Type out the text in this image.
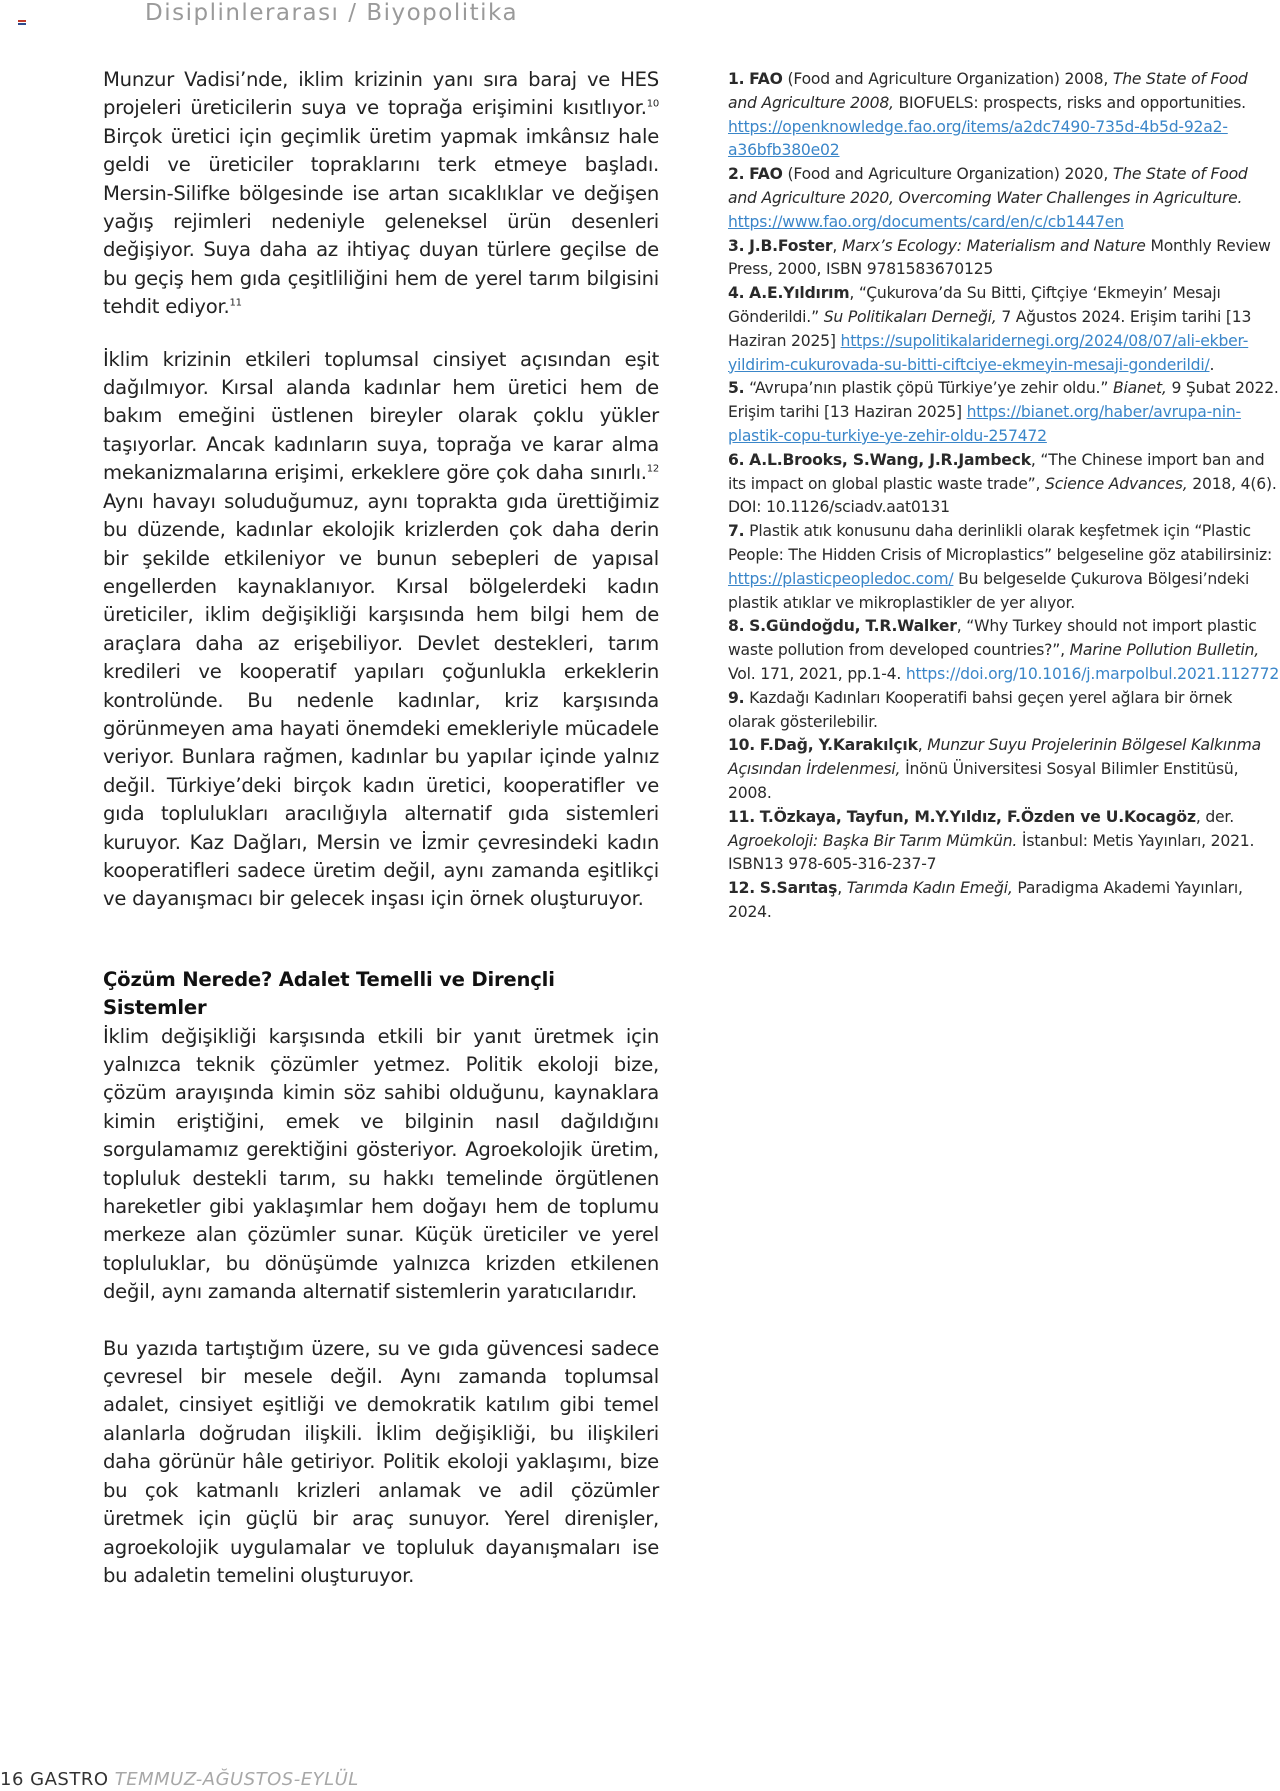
Disiplinlerarası / Biyopolitika

Munzur Vadisi’nde, iklim krizinin yanı sıra baraj ve HES projeleri üreticilerin suya ve toprağa erişimini kısıtlıyor.$^{10}$ Birçok üretici için geçimlik üretim yapmak imkânsız hale geldi ve üreticiler topraklarını terk etmeye başladı. Mersin-Silifke bölgesinde ise artan sıcaklıklar ve değişen yağış rejimleri nedeniyle geleneksel ürün desenleri değişiyor. Suya daha az ihtiyaç duyan türlere geçilse de bu geçiş hem gıda çeşitliliğini hem de yerel tarım bilgisini tehdit ediyor.$^{11}$

İklim krizinin etkileri toplumsal cinsiyet açısından eşit dağılmıyor. Kırsal alanda kadınlar hem üretici hem de bakım emeğini üstlenen bireyler olarak çoklu yükler taşıyorlar. Ancak kadınların suya, toprağa ve karar alma mekanizmalarına erişimi, erkeklere göre çok daha sınırlı.$^{12}$ Aynı havayı soluduğumuz, aynı toprakta gıda ürettiğimiz bu düzende, kadınlar ekolojik krizlerden çok daha derin bir şekilde etkileniyor ve bunun sebepleri de yapısal engellerden kaynaklanıyor. Kırsal bölgelerdeki kadın üreticiler, iklim değişikliği karşısında hem bilgi hem de araçlara daha az erişebiliyor. Devlet destekleri, tarım kredileri ve kooperatif yapıları çoğunlukla erkeklerin kontrolünde. Bu nedenle kadınlar, kriz karşısında görünmeyen ama hayati önemdeki emekleriyle mücadele veriyor. Bunlara rağmen, kadınlar bu yapılar içinde yalnız değil. Türkiye’deki birçok kadın üretici, kooperatifler ve gıda toplulukları aracılığıyla alternatif gıda sistemleri kuruyor. Kaz Dağları, Mersin ve İzmir çevresindeki kadın kooperatifleri sadece üretim değil, aynı zamanda eşitlikçi ve dayanışmacı bir gelecek inşası için örnek oluşturuyor.

Çözüm Nerede? Adalet Temelli ve Dirençli Sistemler

İklim değişikliği karşısında etkili bir yanıt üretmek için yalnızca teknik çözümler yetmez. Politik ekoloji bize, çözüm arayışında kimin söz sahibi olduğunu, kaynaklara kimin eriştiğini, emek ve bilginin nasıl dağıldığını sorgulamamız gerektiğini gösteriyor. Agroekolojik üretim, topluluk destekli tarım, su hakkı temelinde örgütlenen hareketler gibi yaklaşımlar hem doğayı hem de toplumu merkeze alan çözümler sunar. Küçük üreticiler ve yerel topluluklar, bu dönüşümde yalnızca krizden etkilenen değil, aynı zamanda alternatif sistemlerin yaratıcılarıdır.

Bu yazıda tartıştığım üzere, su ve gıda güvencesi sadece çevresel bir mesele değil. Aynı zamanda toplumsal adalet, cinsiyet eşitliği ve demokratik katılım gibi temel alanlarla doğrudan ilişkili. İklim değişikliği, bu ilişkileri daha görünür hâle getiriyor. Politik ekoloji yaklaşımı, bize bu çok katmanlı krizleri anlamak ve adil çözümler üretmek için güçlü bir araç sunuyor. Yerel direnişler, agroekolojik uygulamalar ve topluluk dayanışmaları ise bu adaletin temelini oluşturuyor.

1. FAO (Food and Agriculture Organization) 2008, The State of Food and Agriculture 2008, BIOFUELS: prospects, risks and opportunities. https://openknowledge.fao.org/items/a2dc7490-735d-4b5d-92a2-a36bfb380e02

2. FAO (Food and Agriculture Organization) 2020, The State of Food and Agriculture 2020, Overcoming Water Challenges in Agriculture. https://www.fao.org/documents/card/en/c/cb1447en

3. J.B.Foster, Marx’s Ecology: Materialism and Nature Monthly Review Press, 2000, ISBN 9781583670125

4. A.E.Yıldırım, “Çukurova’da Su Bitti, Çiftçiye ‘Ekmeyin’ Mesajı Gönderildi.” Su Politikaları Derneği, 7 Ağustos 2024. Erişim tarihi [13 Haziran 2025] https://supolitikalaridernegi.org/2024/08/07/ali-ekber-yildirim-cukurovada-su-bitti-ciftciye-ekmeyin-mesaji-gonderildi/.

5. “Avrupa’nın plastik çöpü Türkiye’ye zehir oldu.” Bianet, 9 Şubat 2022. Erişim tarihi [13 Haziran 2025] https://bianet.org/haber/avrupa-nin-plastik-copu-turkiye-ye-zehir-oldu-257472

6. A.L.Brooks, S.Wang, J.R.Jambeck, “The Chinese import ban and its impact on global plastic waste trade”, Science Advances, 2018, 4(6). DOI: 10.1126/sciadv.aat0131

7. Plastik atık konusunu daha derinlikli olarak keşfetmek için “Plastic People: The Hidden Crisis of Microplastics” belgeseline göz atabilirsiniz: https://plasticpeopledoc.com/ Bu belgeselde Çukurova Bölgesi’ndeki plastik atıklar ve mikroplastikler de yer alıyor.

8. S.Gündoğdu, T.R.Walker, “Why Turkey should not import plastic waste pollution from developed countries?”, Marine Pollution Bulletin, Vol. 171, 2021, pp.1-4. https://doi.org/10.1016/j.marpolbul.2021.112772

9. Kazdağı Kadınları Kooperatifi bahsi geçen yerel ağlara bir örnek olarak gösterilebilir.

10. F.Dağ, Y.Karakılçık, Munzur Suyu Projelerinin Bölgesel Kalkınma Açısından İrdelenmesi, İnönü Üniversitesi Sosyal Bilimler Enstitüsü, 2008.

11. T.Özkaya, Tayfun, M.Y.Yıldız, F.Özden ve U.Kocagöz, der. Agroekoloji: Başka Bir Tarım Mümkün. İstanbul: Metis Yayınları, 2021. ISBN13 978-605-316-237-7

12. S.Sarıtaş, Tarımda Kadın Emeği, Paradigma Akademi Yayınları, 2024.

16 GASTRO TEMMUZ-AĞUSTOS-EYLÜL
